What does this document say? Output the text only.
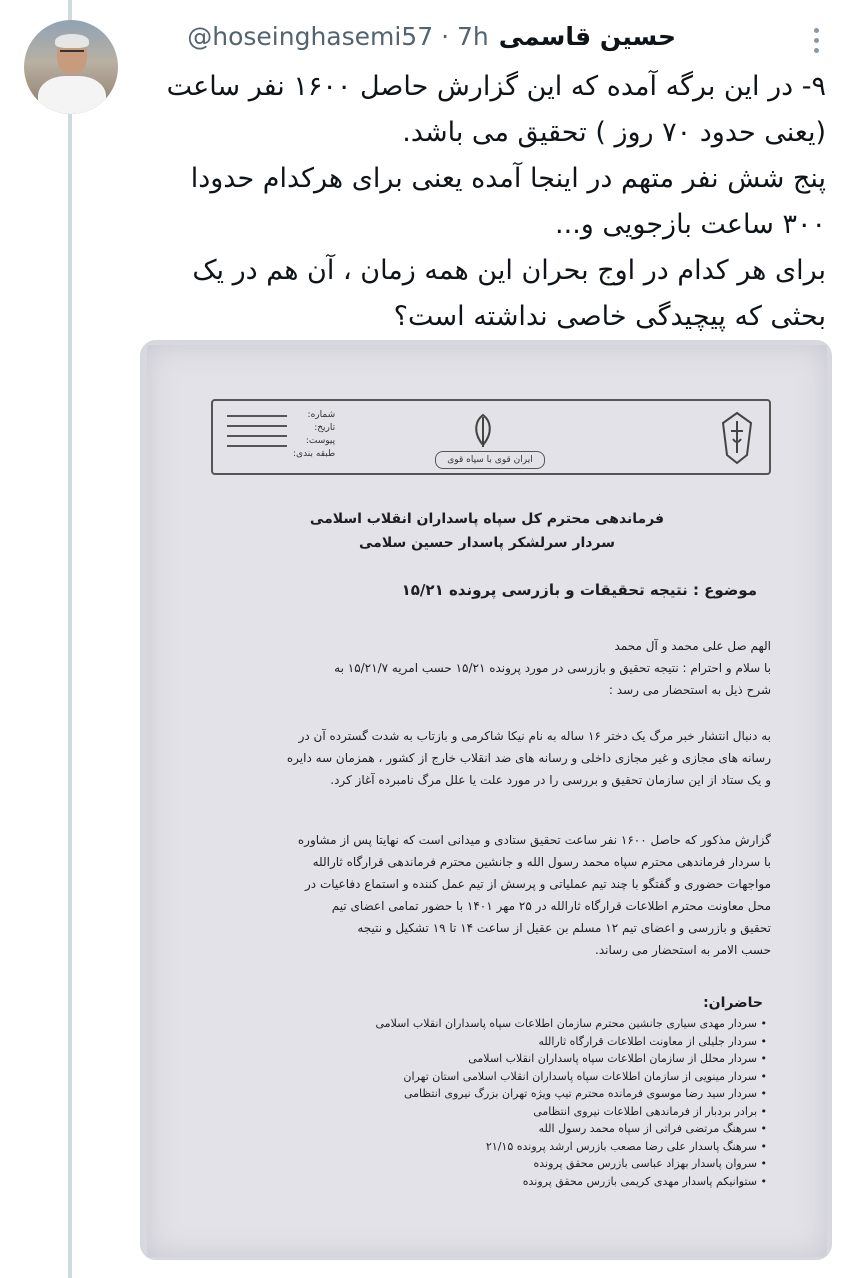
حسین قاسمی
@hoseinghasemi57 · 7h

۹- در این برگه آمده که این گزارش حاصل ۱۶۰۰ نفر ساعت

(یعنی حدود ۷۰ روز ) تحقیق می باشد.

پنج شش نفر متهم در اینجا آمده یعنی برای هرکدام حدودا

۳۰۰ ساعت بازجویی و...

برای هر کدام در اوج بحران این همه زمان ، آن هم در یک

بحثی که پیچیدگی خاصی نداشته است؟

ایران قوی با سپاه قوی
شماره:
تاریخ:
پیوست:
طبقه بندی:
فرماندهی محترم کل سپاه پاسداران انقلاب اسلامی
سردار سرلشکر پاسدار حسین سلامی
موضوع : نتیجه تحقیقات و بازرسی پرونده ۱۵/۲۱
الهم صل علی محمد و آل محمد
با سلام و احترام : نتیجه تحقیق و بازرسی در مورد پرونده ۱۵/۲۱ حسب امریه ۱۵/۲۱/۷ به
شرح ذیل به استحضار می رسد :
به دنبال انتشار خبر مرگ یک دختر ۱۶ ساله به نام نیکا شاکرمی و بازتاب به شدت گسترده آن در
رسانه های مجازی و غیر مجازی داخلی و رسانه های ضد انقلاب خارج از کشور ، همزمان سه دایره
و یک ستاد از این سازمان تحقیق و بررسی را در مورد علت یا علل مرگ نامبرده آغاز کرد.
گزارش مذکور که حاصل ۱۶۰۰ نفر ساعت تحقیق ستادی و میدانی است که نهایتا پس از مشاوره
با سردار فرماندهی محترم سپاه محمد رسول الله و جانشین محترم فرماندهی قرارگاه ثارالله
مواجهات حضوری و گفتگو با چند تیم عملیاتی و پرسش از تیم عمل کننده و استماع دفاعیات در
محل معاونت محترم اطلاعات قرارگاه ثارالله در ۲۵ مهر ۱۴۰۱ با حضور تمامی اعضای تیم
تحقیق و بازرسی و اعضای تیم ۱۲ مسلم بن عقیل از ساعت ۱۴ تا ۱۹ تشکیل و نتیجه
حسب الامر به استحضار می رساند.
حاضران:
• سردار مهدی سیاری جانشین محترم سازمان اطلاعات سپاه پاسداران انقلاب اسلامی
• سردار جلیلی از معاونت اطلاعات قرارگاه ثارالله
• سردار محلل از سازمان اطلاعات سپاه پاسداران انقلاب اسلامی
• سردار مینویی از سازمان اطلاعات سپاه پاسداران انقلاب اسلامی استان تهران
• سردار سید رضا موسوی فرمانده محترم تیپ ویژه تهران بزرگ نیروی انتظامی
• برادر بردبار از فرماندهی اطلاعات نیروی انتظامی
• سرهنگ مرتضی فراتی از سپاه محمد رسول الله
• سرهنگ پاسدار علی رضا مصعب بازرس ارشد پرونده ۲۱/۱۵
• سروان پاسدار بهزاد عباسی بازرس محقق پرونده
• ستوانیکم پاسدار مهدی کریمی بازرس محقق پرونده
